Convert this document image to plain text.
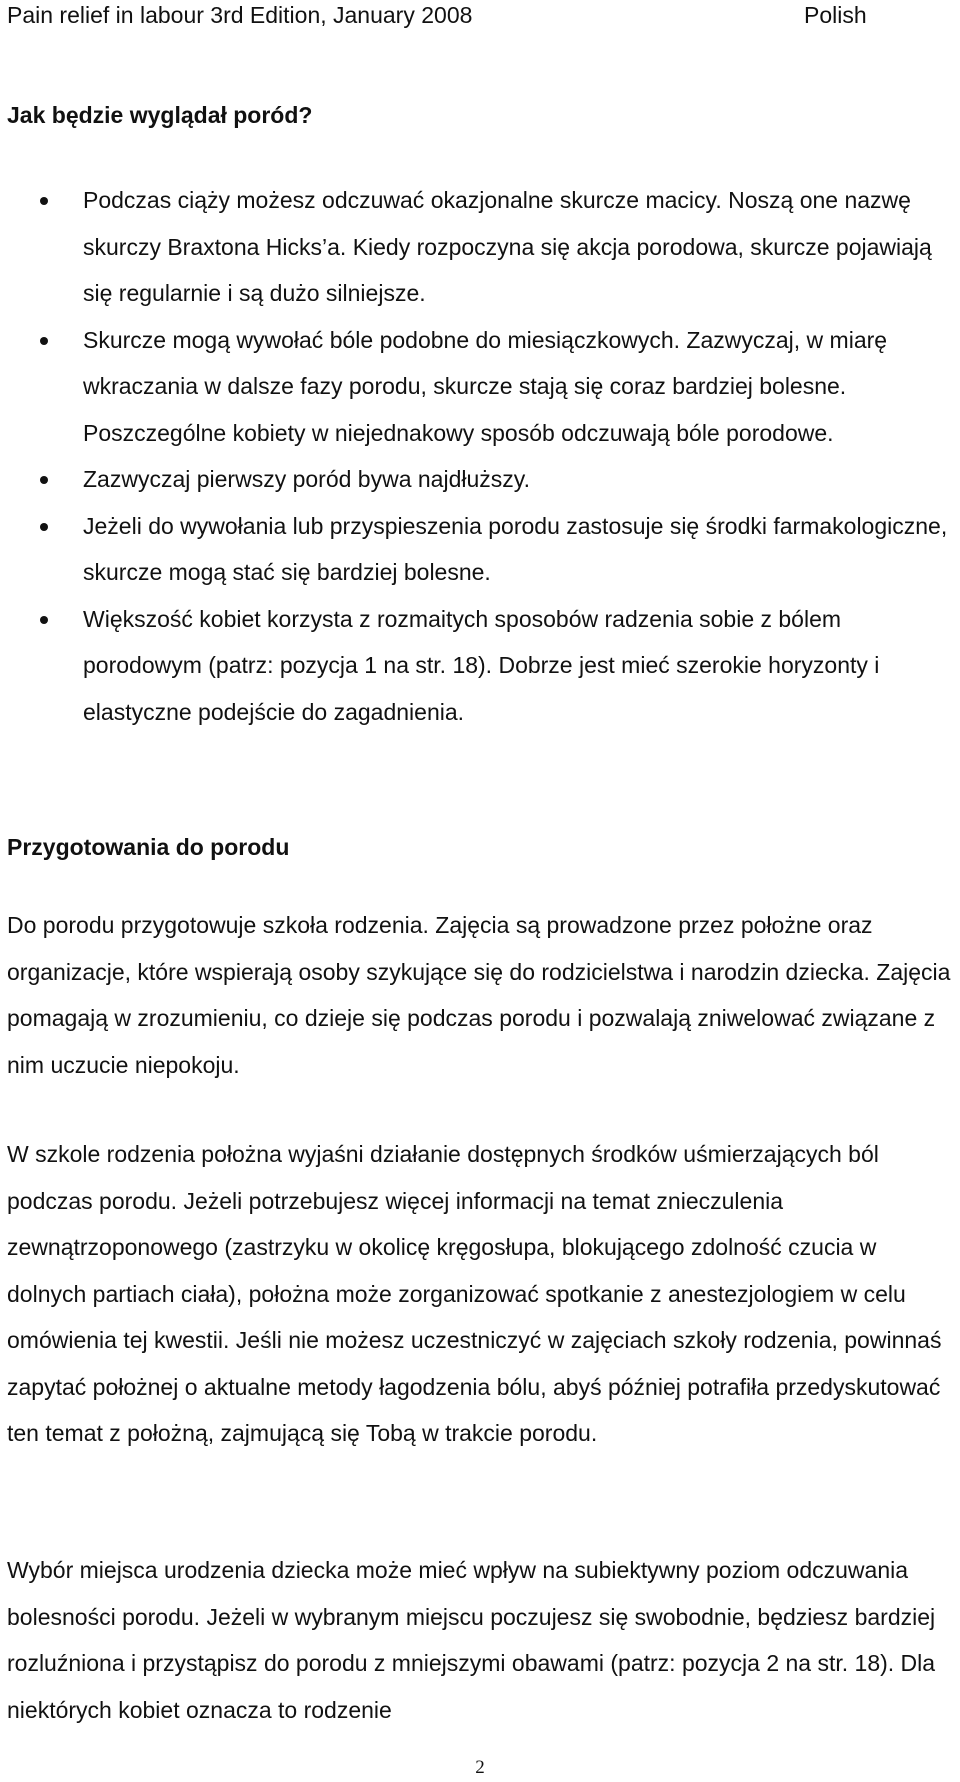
Pain relief in labour 3rd Edition, January 2008	Polish
Jak będzie wyglądał poród?
Podczas ciąży możesz odczuwać okazjonalne skurcze macicy. Noszą one nazwę skurczy Braxtona Hicks’a. Kiedy rozpoczyna się akcja porodowa, skurcze pojawiają się regularnie i są dużo silniejsze.
Skurcze mogą wywołać bóle podobne do miesiączkowych. Zazwyczaj, w miarę wkraczania w dalsze fazy porodu, skurcze stają się coraz bardziej bolesne. Poszczególne kobiety w niejednakowy sposób odczuwają bóle porodowe.
Zazwyczaj pierwszy poród bywa najdłuższy.
Jeżeli do wywołania lub przyspieszenia porodu zastosuje się środki farmakologiczne, skurcze mogą stać się bardziej bolesne.
Większość kobiet korzysta z rozmaitych sposobów radzenia sobie z bólem porodowym (patrz: pozycja 1 na str. 18). Dobrze jest mieć szerokie horyzonty i elastyczne podejście do zagadnienia.
Przygotowania do porodu

Do porodu przygotowuje szkoła rodzenia. Zajęcia są prowadzone przez położne oraz organizacje, które wspierają osoby szykujące się do rodzicielstwa i narodzin dziecka. Zajęcia pomagają w zrozumieniu, co dzieje się podczas porodu i pozwalają zniwelować związane z nim uczucie niepokoju.

W szkole rodzenia położna wyjaśni działanie dostępnych środków uśmierzających ból podczas porodu. Jeżeli potrzebujesz więcej informacji na temat znieczulenia zewnątrzoponowego (zastrzyku w okolicę kręgosłupa, blokującego zdolność czucia w dolnych partiach ciała), położna może zorganizować spotkanie z anestezjologiem w celu omówienia tej kwestii. Jeśli nie możesz uczestniczyć w zajęciach szkoły rodzenia, powinnaś zapytać położnej o aktualne metody łagodzenia bólu, abyś później potrafiła przedyskutować ten temat z położną, zajmującą się Tobą w trakcie porodu.

Wybór miejsca urodzenia dziecka może mieć wpływ na subiektywny poziom odczuwania bolesności porodu. Jeżeli w wybranym miejscu poczujesz się swobodnie, będziesz bardziej rozluźniona i przystąpisz do porodu z mniejszymi obawami (patrz: pozycja 2 na str. 18). Dla niektórych kobiet oznacza to rodzenie

2
